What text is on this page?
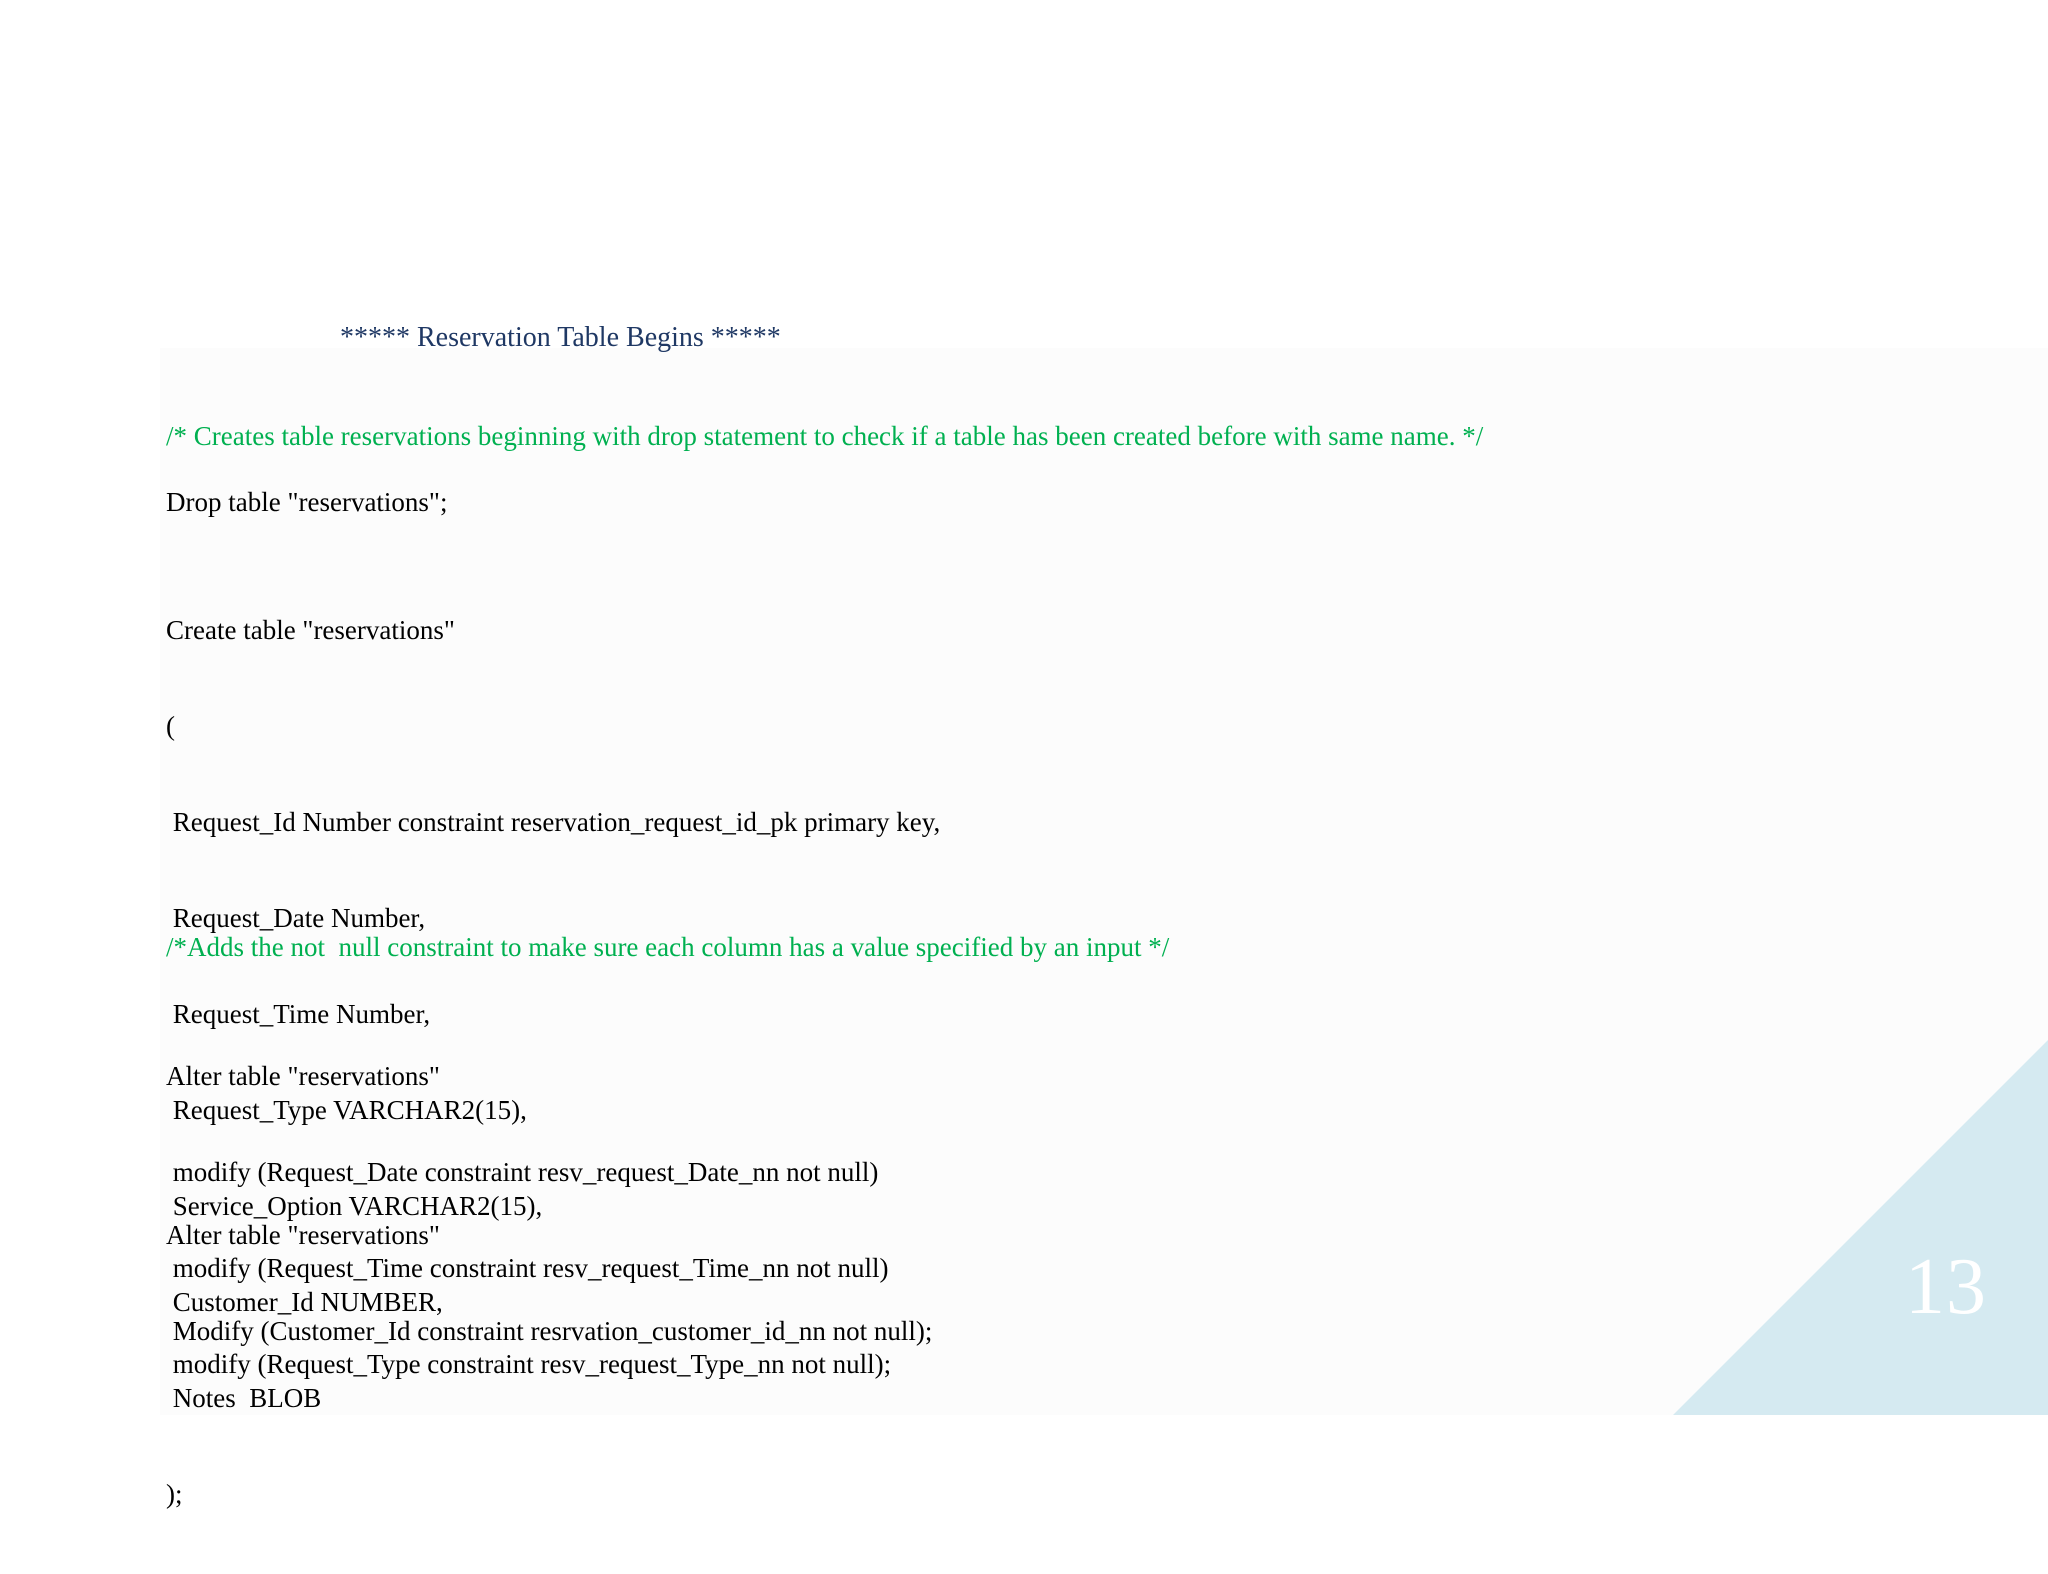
***** Reservation Table Begins *****
/* Creates table reservations beginning with drop statement to check if a table has been created before with same name. */
Drop table "reservations";

Create table "reservations"

(

Request_Id Number constraint reservation_request_id_pk primary key,

Request_Date Number,

Request_Time Number,

Request_Type VARCHAR2(15),

Service_Option VARCHAR2(15),

Customer_Id NUMBER,

Notes  BLOB

);

/*Adds the not  null constraint to make sure each column has a value specified by an input */

Alter table "reservations"

modify (Request_Date constraint resv_request_Date_nn not null)

modify (Request_Time constraint resv_request_Time_nn not null)

modify (Request_Type constraint resv_request_Type_nn not null);

Alter table "reservations"

Modify (Customer_Id constraint resrvation_customer_id_nn not null);

	13
